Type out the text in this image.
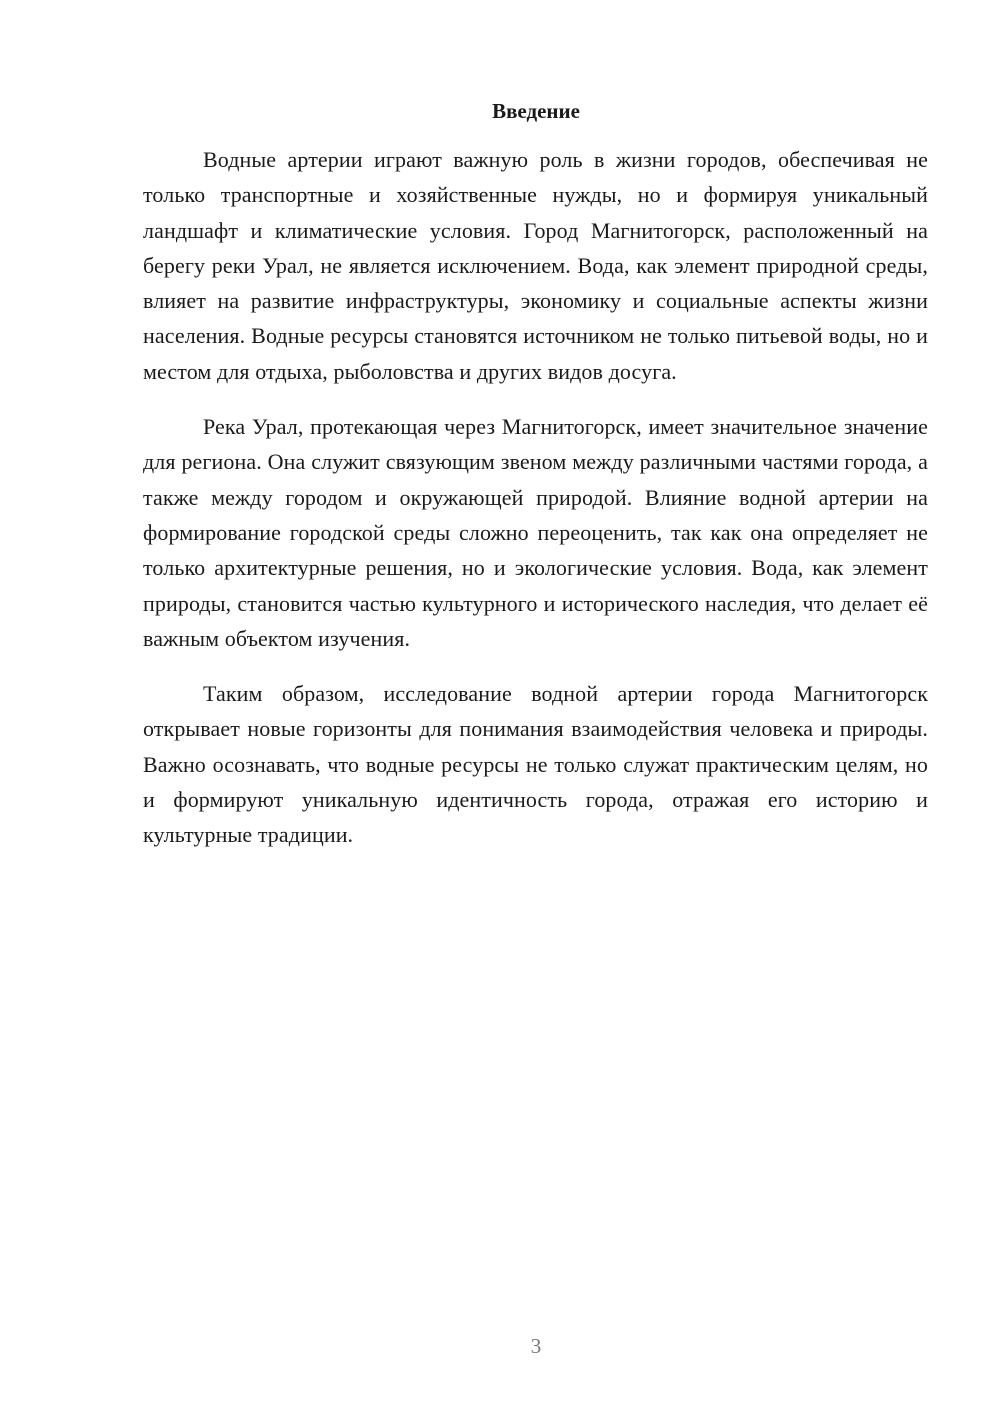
Введение

Водные артерии играют важную роль в жизни городов, обеспечивая не только транспортные и хозяйственные нужды, но и формируя уникальный ландшафт и климатические условия. Город Магнитогорск, расположенный на берегу реки Урал, не является исключением. Вода, как элемент природной среды, влияет на развитие инфраструктуры, экономику и социальные аспекты жизни населения. Водные ресурсы становятся источником не только питьевой воды, но и местом для отдыха, рыболовства и других видов досуга.

Река Урал, протекающая через Магнитогорск, имеет значительное значение для региона. Она служит связующим звеном между различными частями города, а также между городом и окружающей природой. Влияние водной артерии на формирование городской среды сложно переоценить, так как она определяет не только архитектурные решения, но и экологические условия. Вода, как элемент природы, становится частью культурного и исторического наследия, что делает её важным объектом изучения.

Таким образом, исследование водной артерии города Магнитогорск открывает новые горизонты для понимания взаимодействия человека и природы. Важно осознавать, что водные ресурсы не только служат практическим целям, но и формируют уникальную идентичность города, отражая его историю и культурные традиции.

3
